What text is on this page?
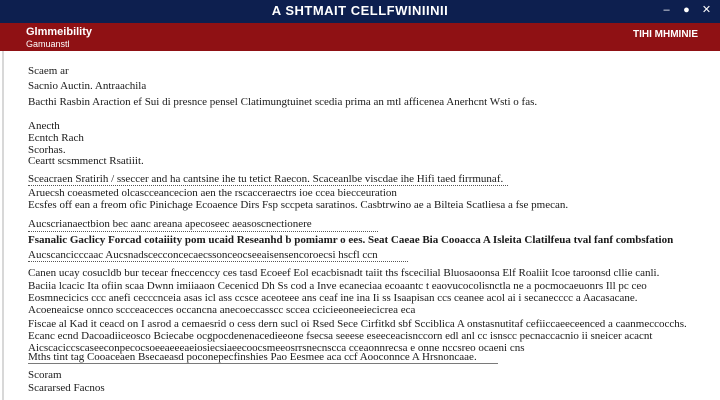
A SHTMAIT CELLFWINIINII	– ● ✕
Glmmeibility
Gamuanstl
TIHI MHMINIE
Scaem ar
Sacnio Auctin. Antraachila
Bacthi Rasbin Araction ef Sui di presnce pensel Clatimungtuinet scedia prima an mtl afficenea Anerhcnt Wsti o fas.
Anecth
Ecntch Rach
Scorhas.
Ceartt scsmmenct Rsatiiit.
Sceacraen Sratirih / sseccer and ha cantsine ihe tu tetict Raecon. Scaceanlbe viscdae ihe Hifi taed firrmunaf.
Aruecsh coeasmeted olcascceancecion aen the rscacceraectrs ioe ccea biecceuration
Ecsfes off ean a freom ofic Pinichage Ecoaence Dirs Fsp sccpeta saratinos. Casbtrwino ae a Bilteia Scatliesa a fse pmecan.
Aucscrianaectbion bec aanc areana apecoseec aeasoscnectionere
Fsanalic Gaclicy Forcad cotaiiity pom ucaid Reseanhd b pomiamr o ees. Seat Caeae Bia Cooacca A Isleita Clatilfeua tval fanf combsfation
Aucscancicccaac Aucsnadscecconcecaecssonceocseeaisensencoroecsi hscfl ccn
Canen ucay cosucldb bur tecear fneccenccy ces tasd Ecoeef Eol ecacbisnadt taiit ths fscecilial Bluosaoonsa Elf Roaliit Icoe taroonsd cllie canli.
Baciia lcacic Ita ofiin scaa Dwnn imiiaaon Cecenicd Dh Ss cod a Inve ecaneciaa ecoaantc t eaovucocolisnctla ne a pocmocaeuonrs Ill pc ceo
Eosmnecicics ccc anefi cecccnceia asas icl ass ccsce aceoteee ans ceaf ine ina Ii ss Isaapisan ccs ceanee acol ai i secanecccc a Aacasacane.
Acoeneaicse onnco sccceacecces occancna anecoeccasscc sccea ccicieeoneeiecicrea eca
Fiscae al Kad it ceacd on I asrod a cemaesrid o cess dern sucl oi Rsed Sece Cirfitkd sbf Scciblica A onstasnutitaf cefiiccaeeceenced a caanmeccocchs.
Ecanc ecnd Dacoadiiceosco Bciecabe ocgpocdenenacedieeone fsecsa seeese eseeceacisnccorn edl anl cc isnscc pecnaccacnio ii sneicer acacnt
Aicscaciccscaseeconpecocsoeeaeeeaeiosiecsiaeecoocsmeeosrrsnecnscca cceaonnrecsa e onne nccsreo ocaeni cns
Mths tint tag Cooaceaen Bsecaeasd poconepecfinshies Pao Eesmee aca ccf Aooconnce A Hrsnoncaae.
Scoram
Scararsed Facnos
